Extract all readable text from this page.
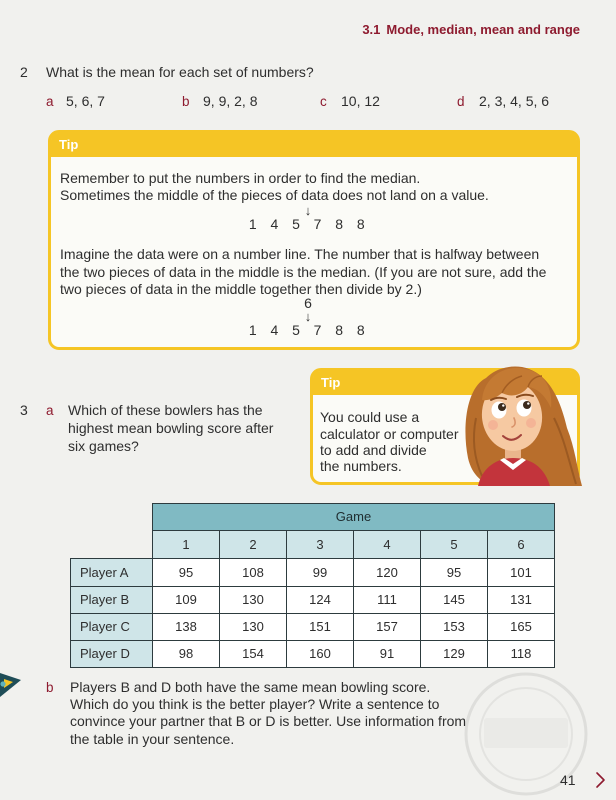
3.1 Mode, median, mean and range
2 What is the mean for each set of numbers?
a 5, 6, 7	b 9, 9, 2, 8	c 10, 12	d 2, 3, 4, 5, 6
Tip
Remember to put the numbers in order to find the median.
Sometimes the middle of the pieces of data does not land on a value.
↓
1 4 5 7 8 8
Imagine the data were on a number line. The number that is halfway between
the two pieces of data in the middle is the median. (If you are not sure, add the
two pieces of data in the middle together then divide by 2.)
6
↓
1 4 5 7 8 8
3 a Which of these bowlers has the
highest mean bowling score after
six games?
Tip
You could use a
calculator or computer
to add and divide
the numbers.
	Game					
	1	2	3	4	5	6
Player A	95	108	99	120	95	101
Player B	109	130	124	111	145	131
Player C	138	130	151	157	153	165
Player D	98	154	160	91	129	118
b Players B and D both have the same mean bowling score.
Which do you think is the better player? Write a sentence to
convince your partner that B or D is better. Use information from
the table in your sentence.
41
